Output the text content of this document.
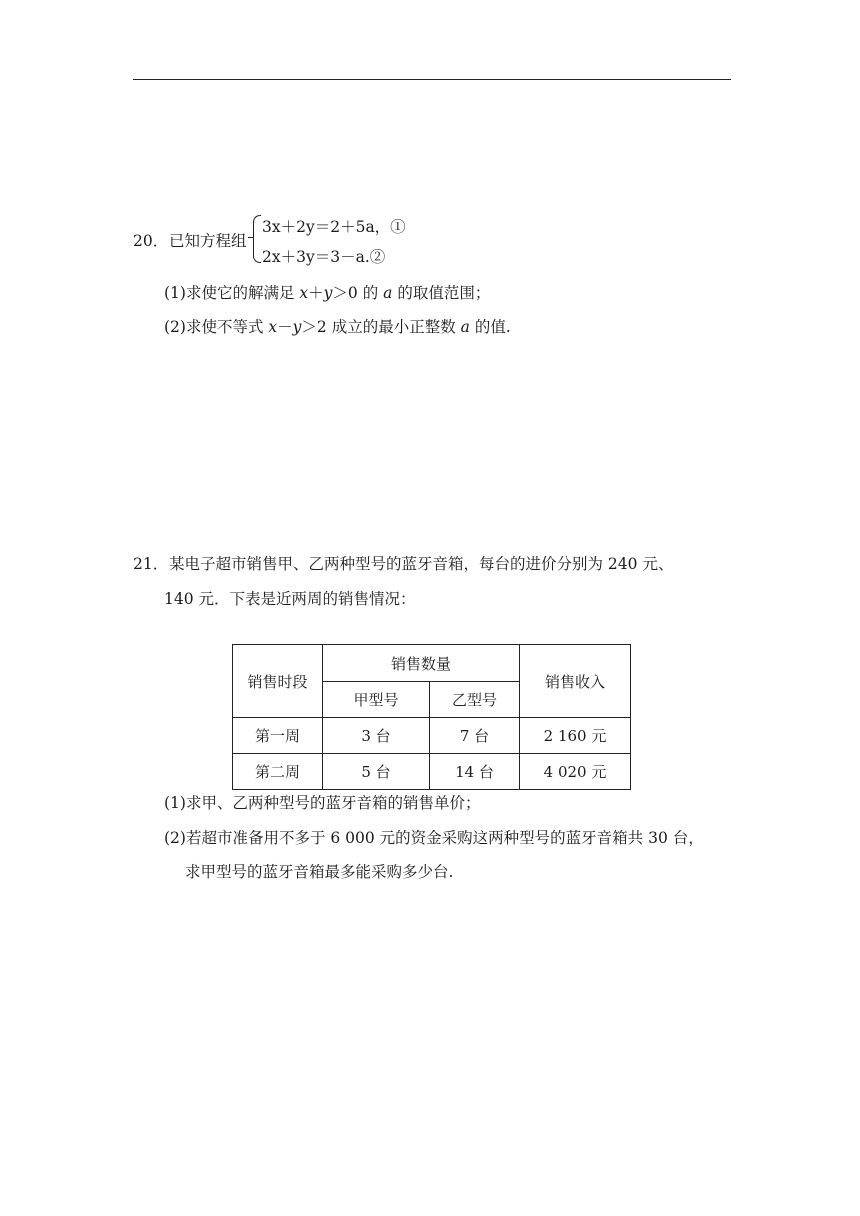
20． 已知方程组
3x＋2y＝2＋5a，①
2x＋3y＝3－a.②
(1)求使它的解满足 x＋y＞0 的 a 的取值范围；
(2)求使不等式 x－y＞2 成立的最小正整数 a 的值.
21． 某电子超市销售甲、乙两种型号的蓝牙音箱，每台的进价分别为 240 元、
140 元．下表是近两周的销售情况：
销售时段	销售数量		销售收入
	甲型号	乙型号	
第一周	3 台	7 台	2 160 元
第二周	5 台	14 台	4 020 元
(1)求甲、乙两种型号的蓝牙音箱的销售单价；
(2)若超市准备用不多于 6 000 元的资金采购这两种型号的蓝牙音箱共 30 台，
求甲型号的蓝牙音箱最多能采购多少台.
